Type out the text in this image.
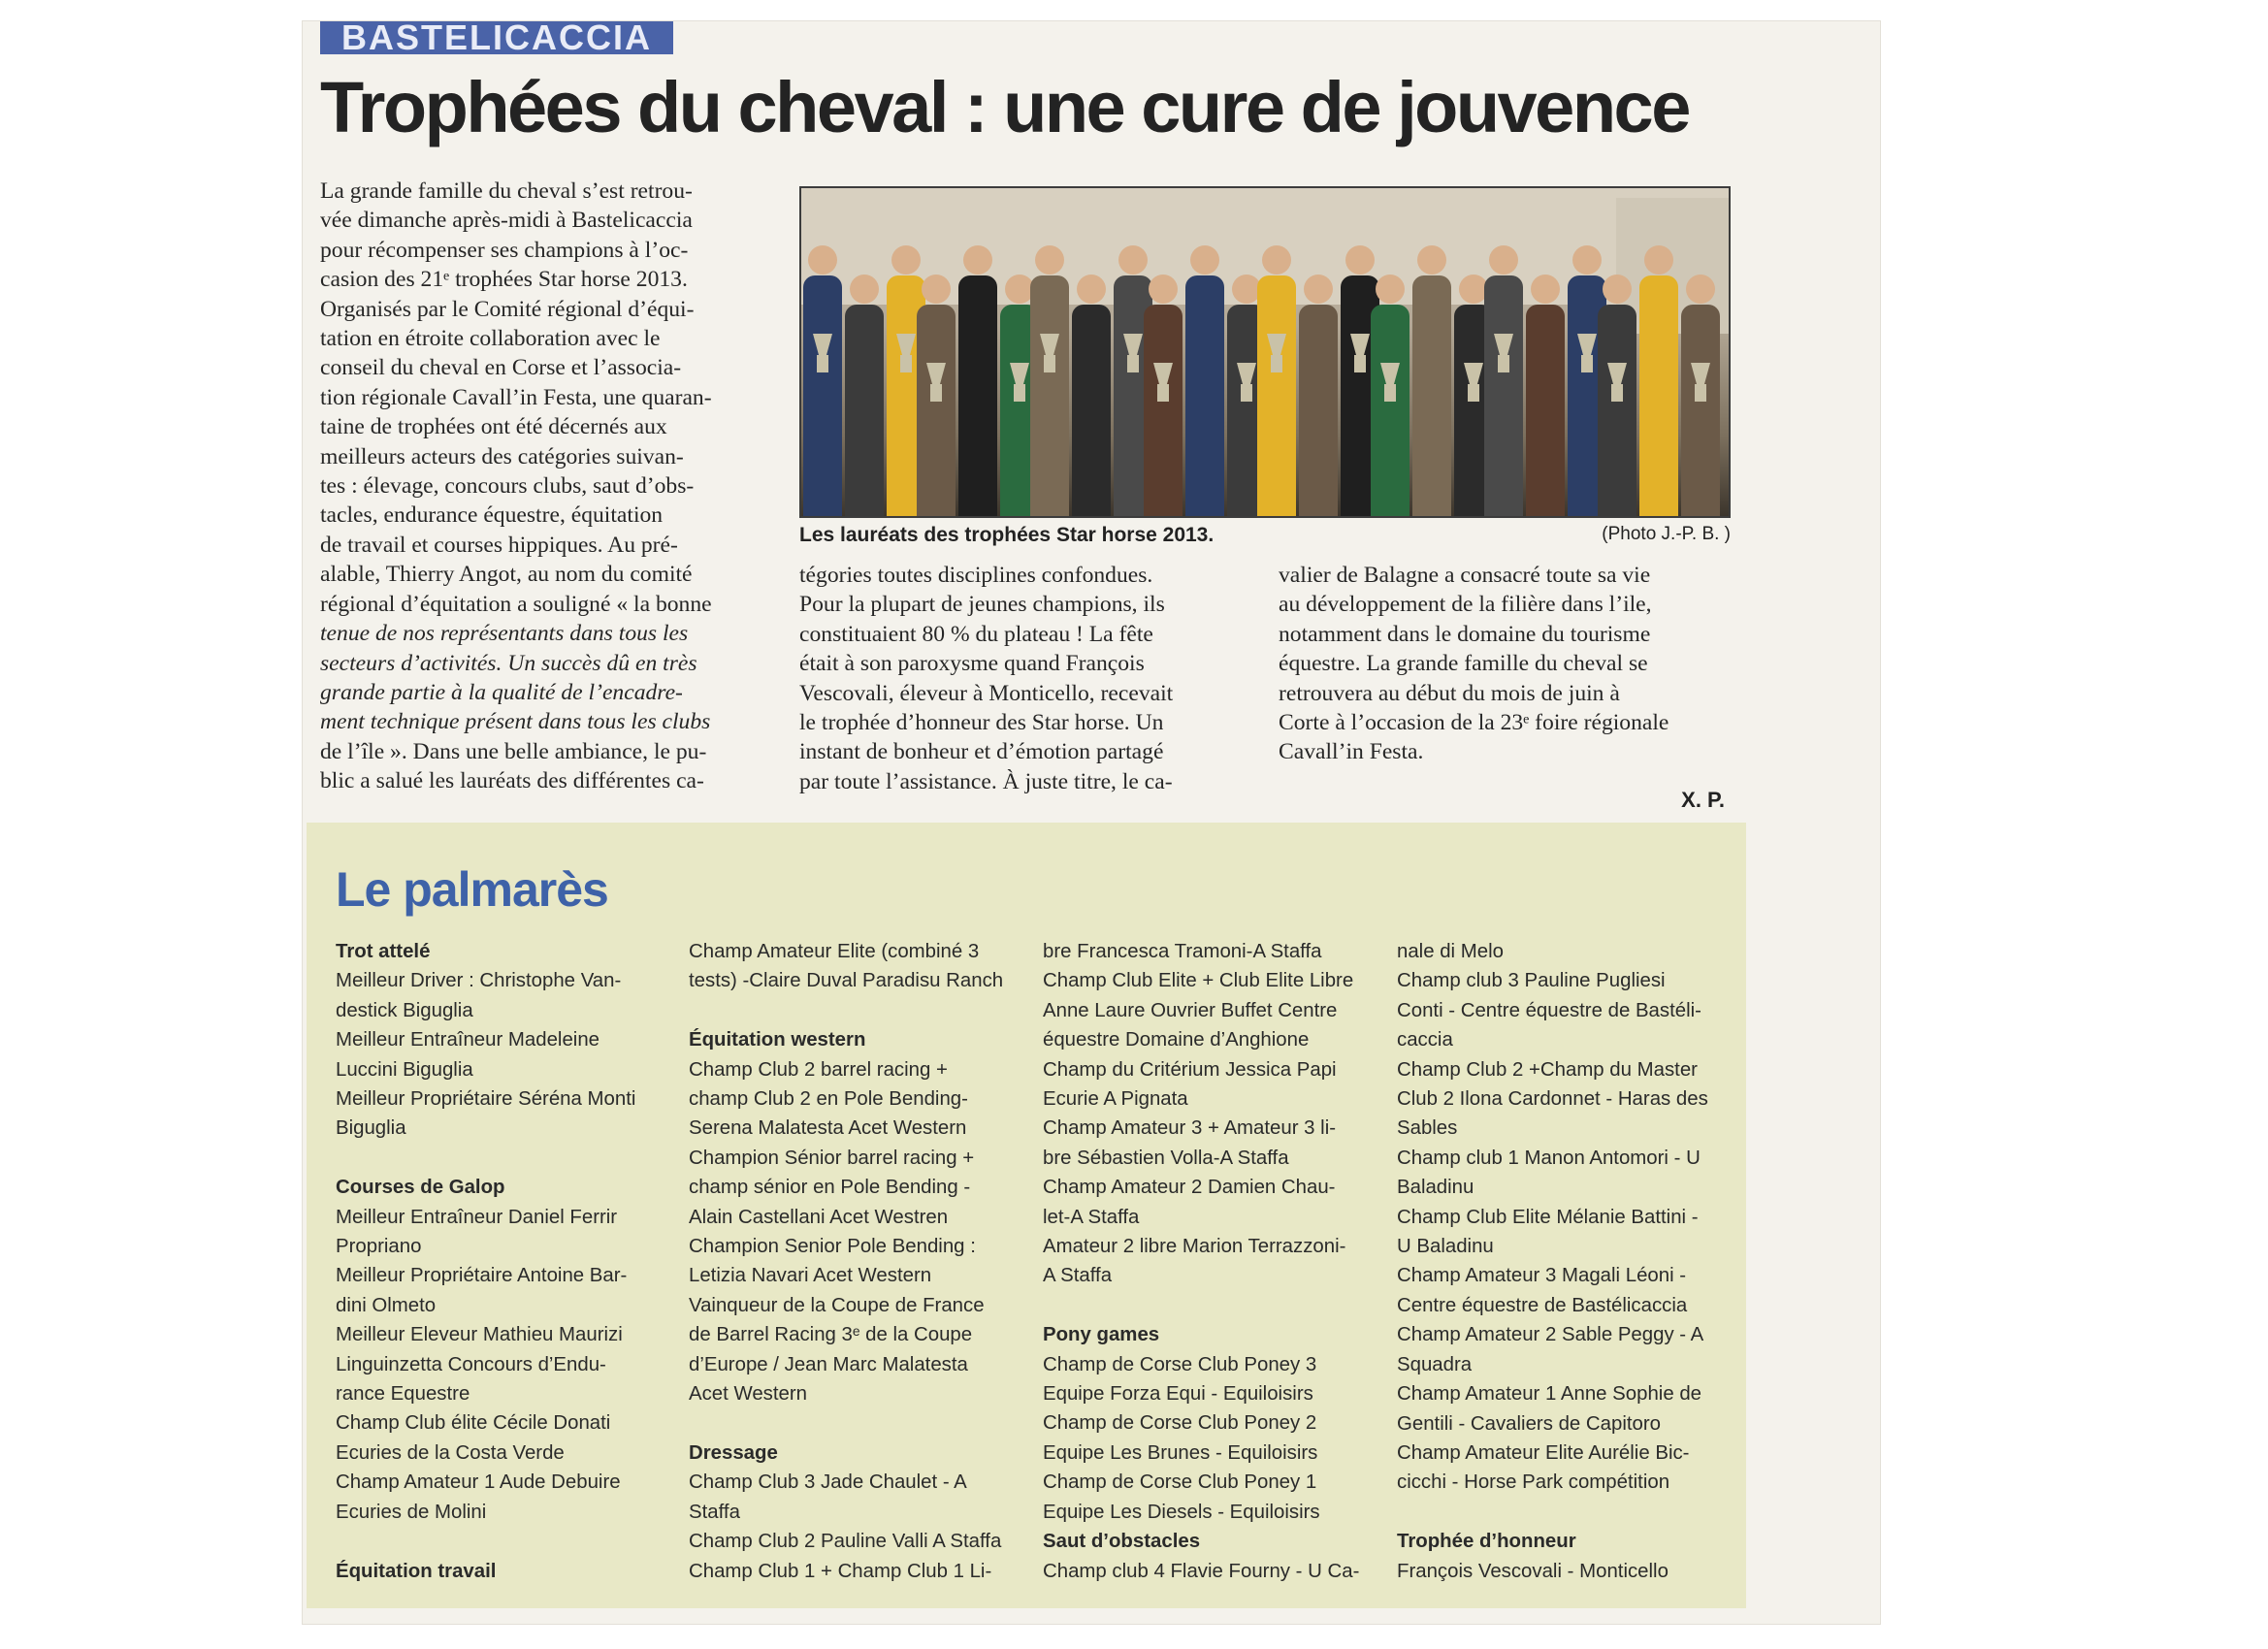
BASTELICACCIA
Trophées du cheval : une cure de jouvence

La grande famille du cheval s’est retrou-

vée dimanche après-midi à Bastelicaccia

pour récompenser ses champions à l’oc-

casion des 21ᵉ trophées Star horse 2013.

Organisés par le Comité régional d’équi-

tation en étroite collaboration avec le

conseil du cheval en Corse et l’associa-

tion régionale Cavall’in Festa, une quaran-

taine de trophées ont été décernés aux

meilleurs acteurs des catégories suivan-

tes : élevage, concours clubs, saut d’obs-

tacles, endurance équestre, équitation

de travail et courses hippiques. Au pré-

alable, Thierry Angot, au nom du comité

régional d’équitation a souligné « la bonne

tenue de nos représentants dans tous les

secteurs d’activités. Un succès dû en très

grande partie à la qualité de l’encadre-

ment technique présent dans tous les clubs

de l’île ». Dans une belle ambiance, le pu-

blic a salué les lauréats des différentes ca-

Les lauréats des trophées Star horse 2013.	(Photo J.-P. B. )

tégories toutes disciplines confondues.

Pour la plupart de jeunes champions, ils

constituaient 80 % du plateau ! La fête

était à son paroxysme quand François

Vescovali, éleveur à Monticello, recevait

le trophée d’honneur des Star horse. Un

instant de bonheur et d’émotion partagé

par toute l’assistance. À juste titre, le ca-

valier de Balagne a consacré toute sa vie

au développement de la filière dans l’ile,

notamment dans le domaine du tourisme

équestre. La grande famille du cheval se

retrouvera au début du mois de juin à

Corte à l’occasion de la 23ᵉ foire régionale

Cavall’in Festa.

X. P.
Le palmarès
Trot attelé
Meilleur Driver : Christophe Van-
destick Biguglia
Meilleur Entraîneur Madeleine
Luccini Biguglia
Meilleur Propriétaire Séréna Monti
Biguglia
Courses de Galop
Meilleur Entraîneur Daniel Ferrir
Propriano
Meilleur Propriétaire Antoine Bar-
dini Olmeto
Meilleur Eleveur Mathieu Maurizi
Linguinzetta Concours d’Endu-
rance Equestre
Champ Club élite Cécile Donati
Ecuries de la Costa Verde
Champ Amateur 1 Aude Debuire
Ecuries de Molini
Équitation travail
Champ Amateur Elite (combiné 3
tests) -Claire Duval Paradisu Ranch
Équitation western
Champ Club 2 barrel racing +
champ Club 2 en Pole Bending-
Serena Malatesta Acet Western
Champion Sénior barrel racing +
champ sénior en Pole Bending -
Alain Castellani Acet Westren
Champion Senior Pole Bending :
Letizia Navari Acet Western
Vainqueur de la Coupe de France
de Barrel Racing 3ᵉ de la Coupe
d’Europe / Jean Marc Malatesta
Acet Western
Dressage
Champ Club 3 Jade Chaulet - A
Staffa
Champ Club 2 Pauline Valli A Staffa
Champ Club 1 + Champ Club 1 Li-
bre Francesca Tramoni-A Staffa
Champ Club Elite + Club Elite Libre
Anne Laure Ouvrier Buffet Centre
équestre Domaine d’Anghione
Champ du Critérium Jessica Papi
Ecurie A Pignata
Champ Amateur 3 + Amateur 3 li-
bre Sébastien Volla-A Staffa
Champ Amateur 2 Damien Chau-
let-A Staffa
Amateur 2 libre Marion Terrazzoni-
A Staffa
Pony games
Champ de Corse Club Poney 3
Equipe Forza Equi - Equiloisirs
Champ de Corse Club Poney 2
Equipe Les Brunes - Equiloisirs
Champ de Corse Club Poney 1
Equipe Les Diesels - Equiloisirs
Saut d’obstacles
Champ club 4 Flavie Fourny - U Ca-
nale di Melo
Champ club 3 Pauline Pugliesi
Conti - Centre équestre de Bastéli-
caccia
Champ Club 2 +Champ du Master
Club 2 Ilona Cardonnet - Haras des
Sables
Champ club 1 Manon Antomori - U
Baladinu
Champ Club Elite Mélanie Battini -
U Baladinu
Champ Amateur 3 Magali Léoni -
Centre équestre de Bastélicaccia
Champ Amateur 2 Sable Peggy - A
Squadra
Champ Amateur 1 Anne Sophie de
Gentili - Cavaliers de Capitoro
Champ Amateur Elite Aurélie Bic-
cicchi - Horse Park compétition
Trophée d’honneur
François Vescovali - Monticello
